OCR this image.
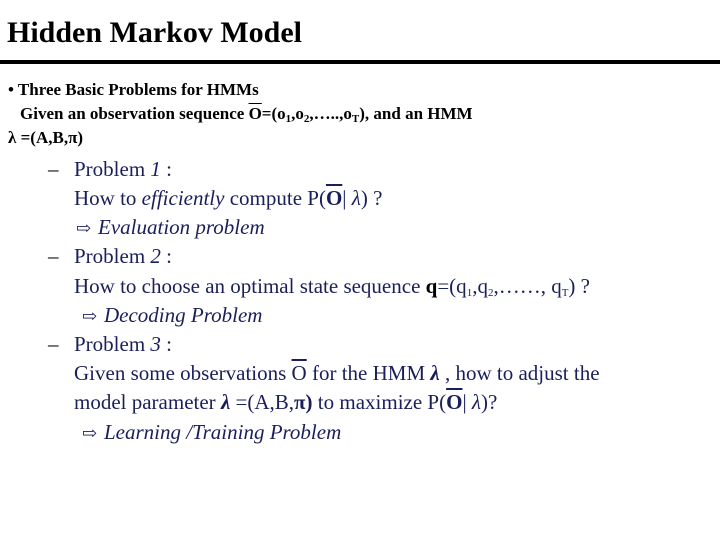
Hidden Markov Model
• Three Basic Problems for HMMs
Given an observation sequence $\overline{O}=(o_1,o_2,\dots..,o_T)$, and an HMM
λ =(A,B,π)
– Problem 1 :
How to efficiently compute $P(\overline{O}|$ λ) ?
⇨ Evaluation problem
– Problem 2 :
How to choose an optimal state sequence $q=(q_1,q_2,\dots\dots$, $q_T$) ?
⇨ Decoding Problem
– Problem 3 :
Given some observations $\overline{O}$ for the HMM λ , how to adjust the
model parameter λ =(A,B,π) to maximize $P(\overline{O}|$ λ)?
⇨ Learning /Training Problem
